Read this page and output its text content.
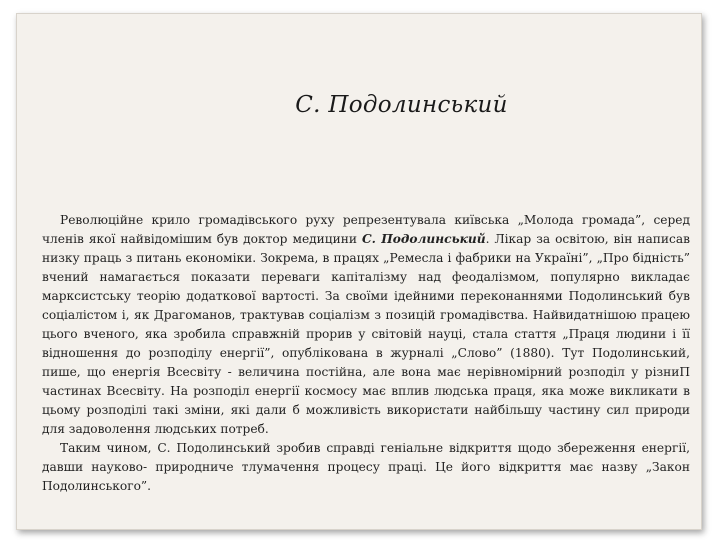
С. Подолинський

Революційне крило громадівського руху репрезентувала київська „Молода громада”, серед членів якої найвідомішим був доктор медицини С. Подолинський. Лікар за освітою, він написав низку праць з питань економіки. Зокрема, в працях „Ремесла і фабрики на Україні”, „Про бідність” вчений намагається показати переваги капіталізму над феодалізмом, популярно викладає марксистську теорію додаткової вартості. За своїми ідейними переконаннями Подолинський був соціалістом і, як Драгоманов, трактував соціалізм з позицій громадівства. Найвидатнішою працею цього вченого, яка зробила справжній прорив у світовій науці, стала стаття „Праця людини і її відношення до розподілу енергії”, опублікована в журналі „Слово” (1880). Тут Подолинський, пише, що енергія Всесвіту - величина постійна, але вона має нерівномірний розподіл у різниП частинах Всесвіту. На розподіл енергії космосу має вплив людська праця, яка може викликати в цьому розподілі такі зміни, які дали б можливість використати найбільшу частину сил природи для задоволення людських потреб.

Таким чином, С. Подолинський зробив справді геніальне відкриття щодо збереження енергії, давши науково- природниче тлумачення процесу праці. Це його відкриття має назву „Закон Подолинського”.
